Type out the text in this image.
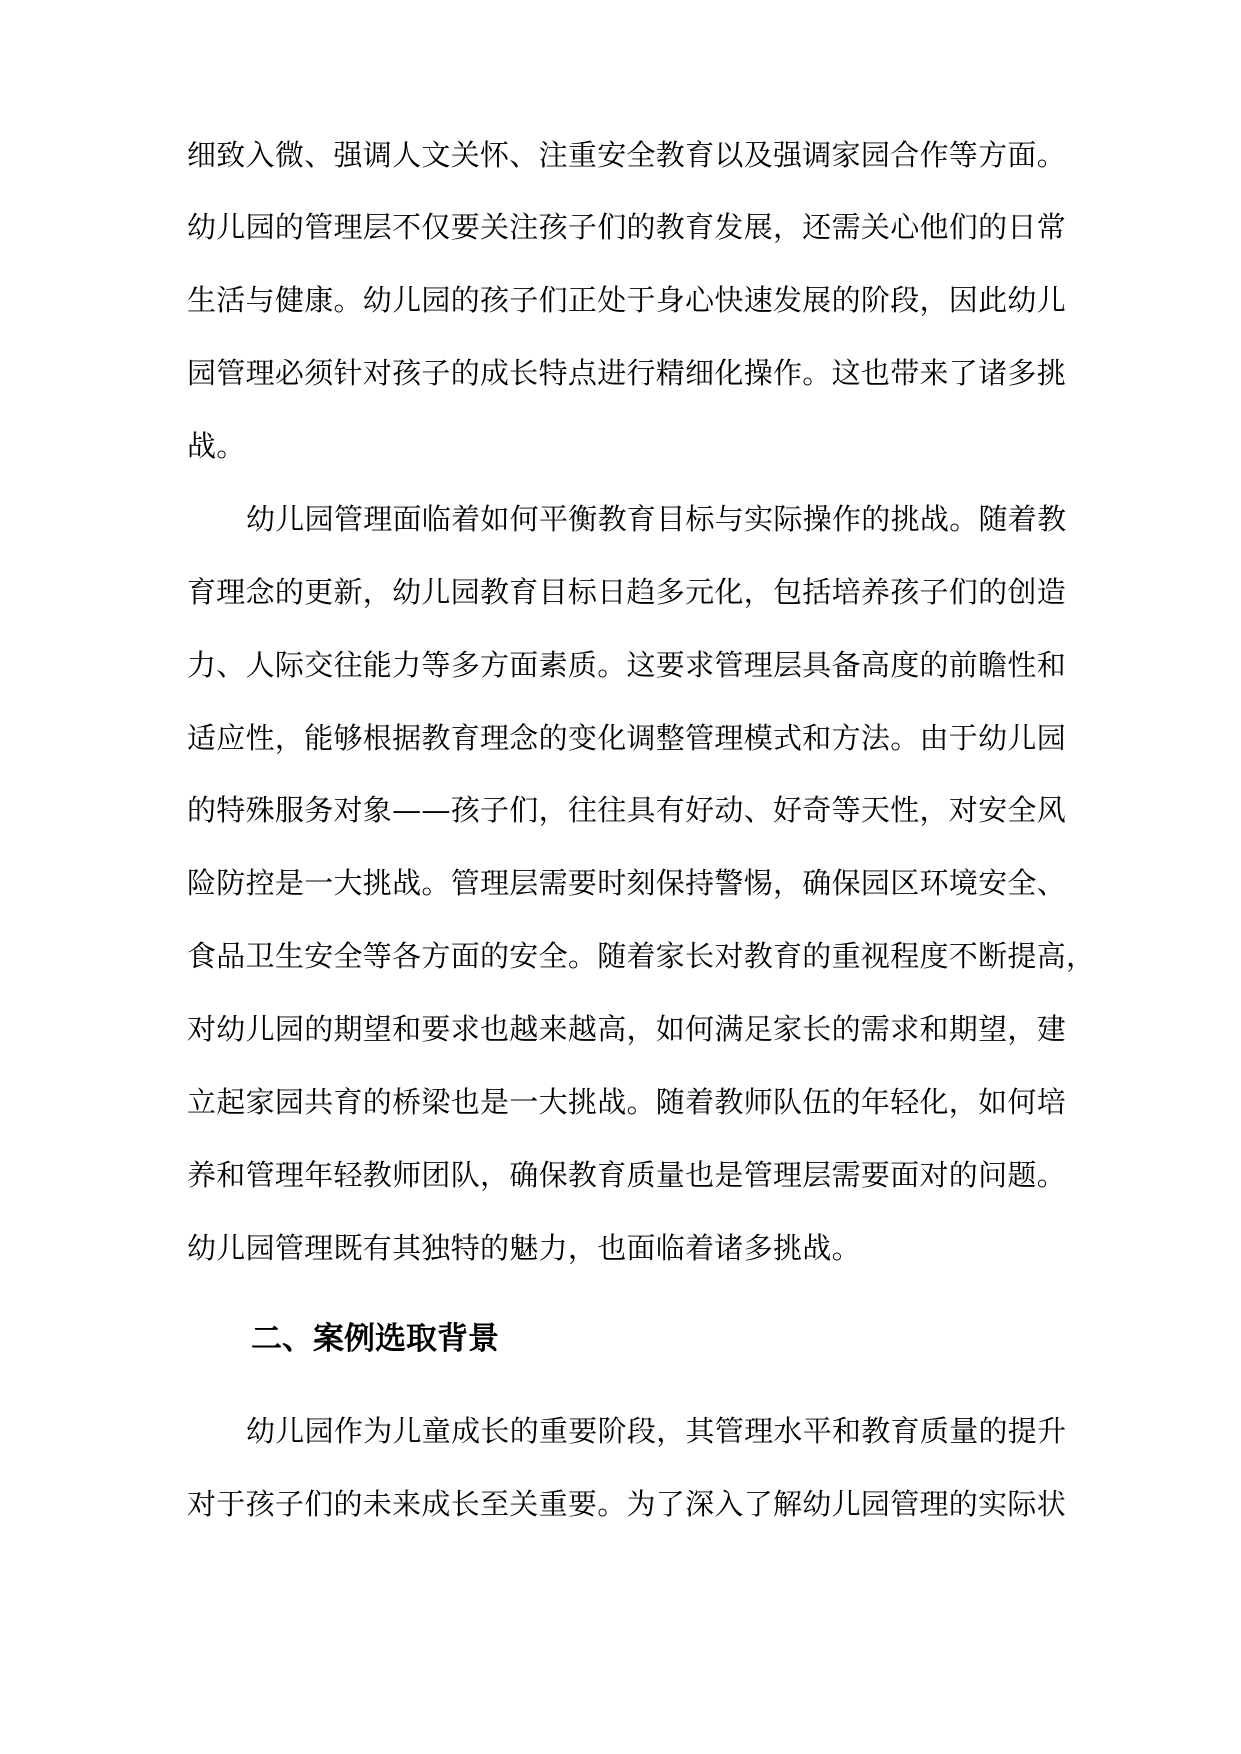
细致入微、强调人文关怀、注重安全教育以及强调家园合作等方面。
幼儿园的管理层不仅要关注孩子们的教育发展，还需关心他们的日常
生活与健康。幼儿园的孩子们正处于身心快速发展的阶段，因此幼儿
园管理必须针对孩子的成长特点进行精细化操作。这也带来了诸多挑
战。
幼儿园管理面临着如何平衡教育目标与实际操作的挑战。随着教
育理念的更新，幼儿园教育目标日趋多元化，包括培养孩子们的创造
力、人际交往能力等多方面素质。这要求管理层具备高度的前瞻性和
适应性，能够根据教育理念的变化调整管理模式和方法。由于幼儿园
的特殊服务对象——孩子们，往往具有好动、好奇等天性，对安全风
险防控是一大挑战。管理层需要时刻保持警惕，确保园区环境安全、
食品卫生安全等各方面的安全。随着家长对教育的重视程度不断提高，
对幼儿园的期望和要求也越来越高，如何满足家长的需求和期望，建
立起家园共育的桥梁也是一大挑战。随着教师队伍的年轻化，如何培
养和管理年轻教师团队，确保教育质量也是管理层需要面对的问题。
幼儿园管理既有其独特的魅力，也面临着诸多挑战。
二、案例选取背景
幼儿园作为儿童成长的重要阶段，其管理水平和教育质量的提升
对于孩子们的未来成长至关重要。为了深入了解幼儿园管理的实际状
